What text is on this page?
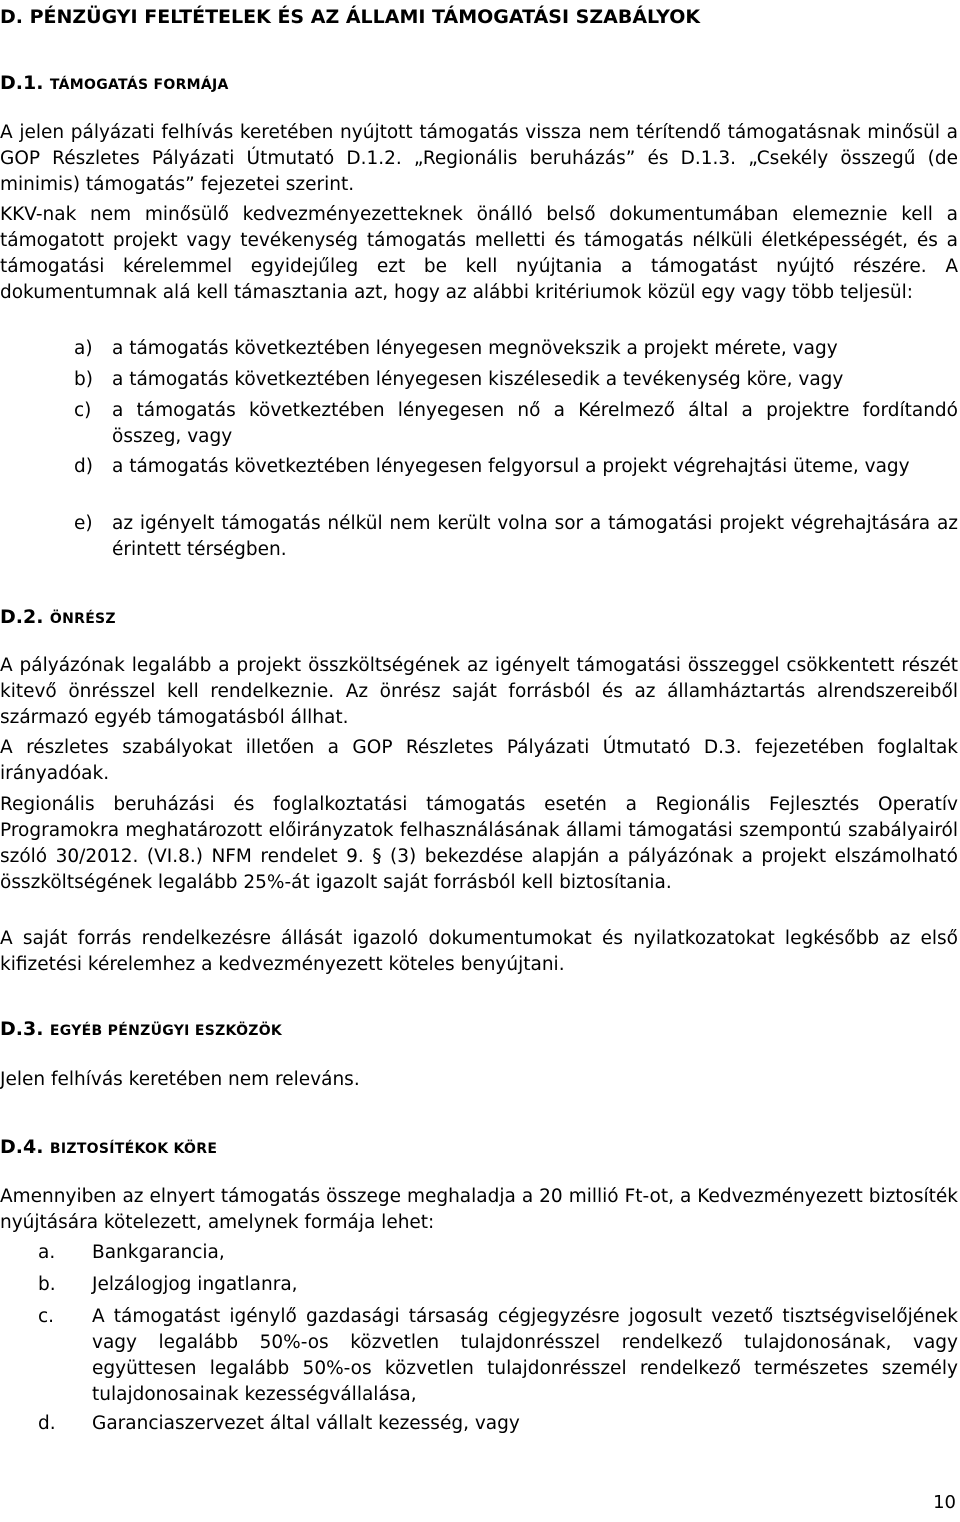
D. PÉNZÜGYI FELTÉTELEK ÉS AZ ÁLLAMI TÁMOGATÁSI SZABÁLYOK
D.1. TÁMOGATÁS FORMÁJA

A jelen pályázati felhívás keretében nyújtott támogatás vissza nem térítendő támogatásnak minősül a GOP Részletes Pályázati Útmutató D.1.2. „Regionális beruházás” és D.1.3. „Csekély összegű (de minimis) támogatás” fejezetei szerint.

KKV-nak nem minősülő kedvezményezetteknek önálló belső dokumentumában elemeznie kell a támogatott projekt vagy tevékenység támogatás melletti és támogatás nélküli életképességét, és a támogatási kérelemmel egyidejűleg ezt be kell nyújtania a támogatást nyújtó részére. A dokumentumnak alá kell támasztania azt, hogy az alábbi kritériumok közül egy vagy több teljesül:

a) a támogatás következtében lényegesen megnövekszik a projekt mérete, vagy

b) a támogatás következtében lényegesen kiszélesedik a tevékenység köre, vagy

c) a támogatás következtében lényegesen nő a Kérelmező által a projektre fordítandó összeg, vagy

d) a támogatás következtében lényegesen felgyorsul a projekt végrehajtási üteme, vagy

e) az igényelt támogatás nélkül nem került volna sor a támogatási projekt végrehajtására az érintett térségben.

D.2. ÖNRÉSZ

A pályázónak legalább a projekt összköltségének az igényelt támogatási összeggel csökkentett részét kitevő önrésszel kell rendelkeznie. Az önrész saját forrásból és az államháztartás alrendszereiből származó egyéb támogatásból állhat.

A részletes szabályokat illetően a GOP Részletes Pályázati Útmutató D.3. fejezetében foglaltak irányadóak.

Regionális beruházási és foglalkoztatási támogatás esetén a Regionális Fejlesztés Operatív Programokra meghatározott előirányzatok felhasználásának állami támogatási szempontú szabályairól szóló 30/2012. (VI.8.) NFM rendelet 9. § (3) bekezdése alapján a pályázónak a projekt elszámolható összköltségének legalább 25%-át igazolt saját forrásból kell biztosítania.

A saját forrás rendelkezésre állását igazoló dokumentumokat és nyilatkozatokat legkésőbb az első kifizetési kérelemhez a kedvezményezett köteles benyújtani.

D.3. EGYÉB PÉNZÜGYI ESZKÖZÖK

Jelen felhívás keretében nem releváns.

D.4. BIZTOSÍTÉKOK KÖRE

Amennyiben az elnyert támogatás összege meghaladja a 20 millió Ft-ot, a Kedvezményezett biztosíték nyújtására kötelezett, amelynek formája lehet:

a. Bankgarancia,

b. Jelzálogjog ingatlanra,

c. A támogatást igénylő gazdasági társaság cégjegyzésre jogosult vezető tisztségviselőjének vagy legalább 50%-os közvetlen tulajdonrésszel rendelkező tulajdonosának, vagy együttesen legalább 50%-os közvetlen tulajdonrésszel rendelkező természetes személy tulajdonosainak kezességvállalása,

d. Garanciaszervezet által vállalt kezesség, vagy

10
